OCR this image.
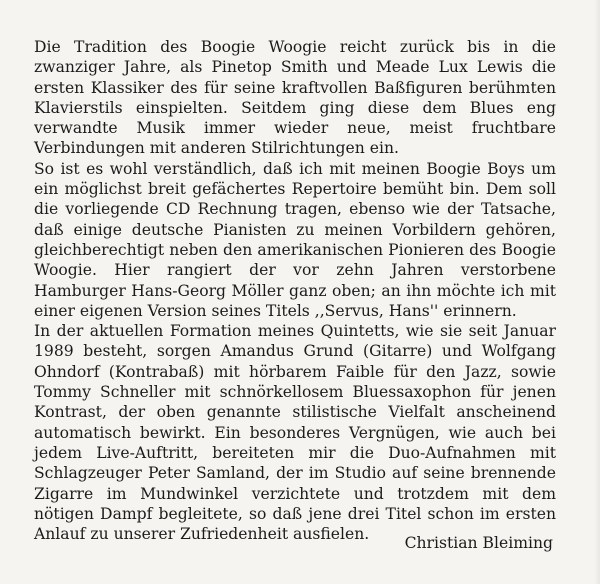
Die Tradition des Boogie Woogie reicht zurück bis in die zwanziger Jahre, als Pinetop Smith und Meade Lux Lewis die ersten Klassiker des für seine kraftvollen Baßfiguren berühmten Klavierstils einspielten. Seitdem ging diese dem Blues eng verwandte Musik immer wieder neue, meist fruchtbare Verbindungen mit anderen Stilrichtungen ein.

So ist es wohl verständlich, daß ich mit meinen Boogie Boys um ein möglichst breit gefächertes Repertoire bemüht bin. Dem soll die vorliegende CD Rechnung tragen, ebenso wie der Tatsache, daß einige deutsche Pianisten zu meinen Vorbildern gehören, gleichberechtigt neben den amerikanischen Pionieren des Boogie Woogie. Hier rangiert der vor zehn Jahren verstorbene Hamburger Hans-Georg Möller ganz oben; an ihn möchte ich mit einer eigenen Version seines Titels ,,Servus, Hans'' erinnern.

In der aktuellen Formation meines Quintetts, wie sie seit Januar 1989 besteht, sorgen Amandus Grund (Gitarre) und Wolfgang Ohndorf (Kontrabaß) mit hörbarem Faible für den Jazz, sowie Tommy Schneller mit schnörkellosem Bluessaxophon für jenen Kontrast, der oben genannte stilistische Vielfalt anscheinend automatisch bewirkt. Ein besonderes Vergnügen, wie auch bei jedem Live-Auftritt, bereiteten mir die Duo-Aufnahmen mit Schlagzeuger Peter Samland, der im Studio auf seine brennende Zigarre im Mundwinkel verzichtete und trotzdem mit dem nötigen Dampf begleitete, so daß jene drei Titel schon im ersten Anlauf zu unserer Zufriedenheit ausfielen.	Christian Bleiming
